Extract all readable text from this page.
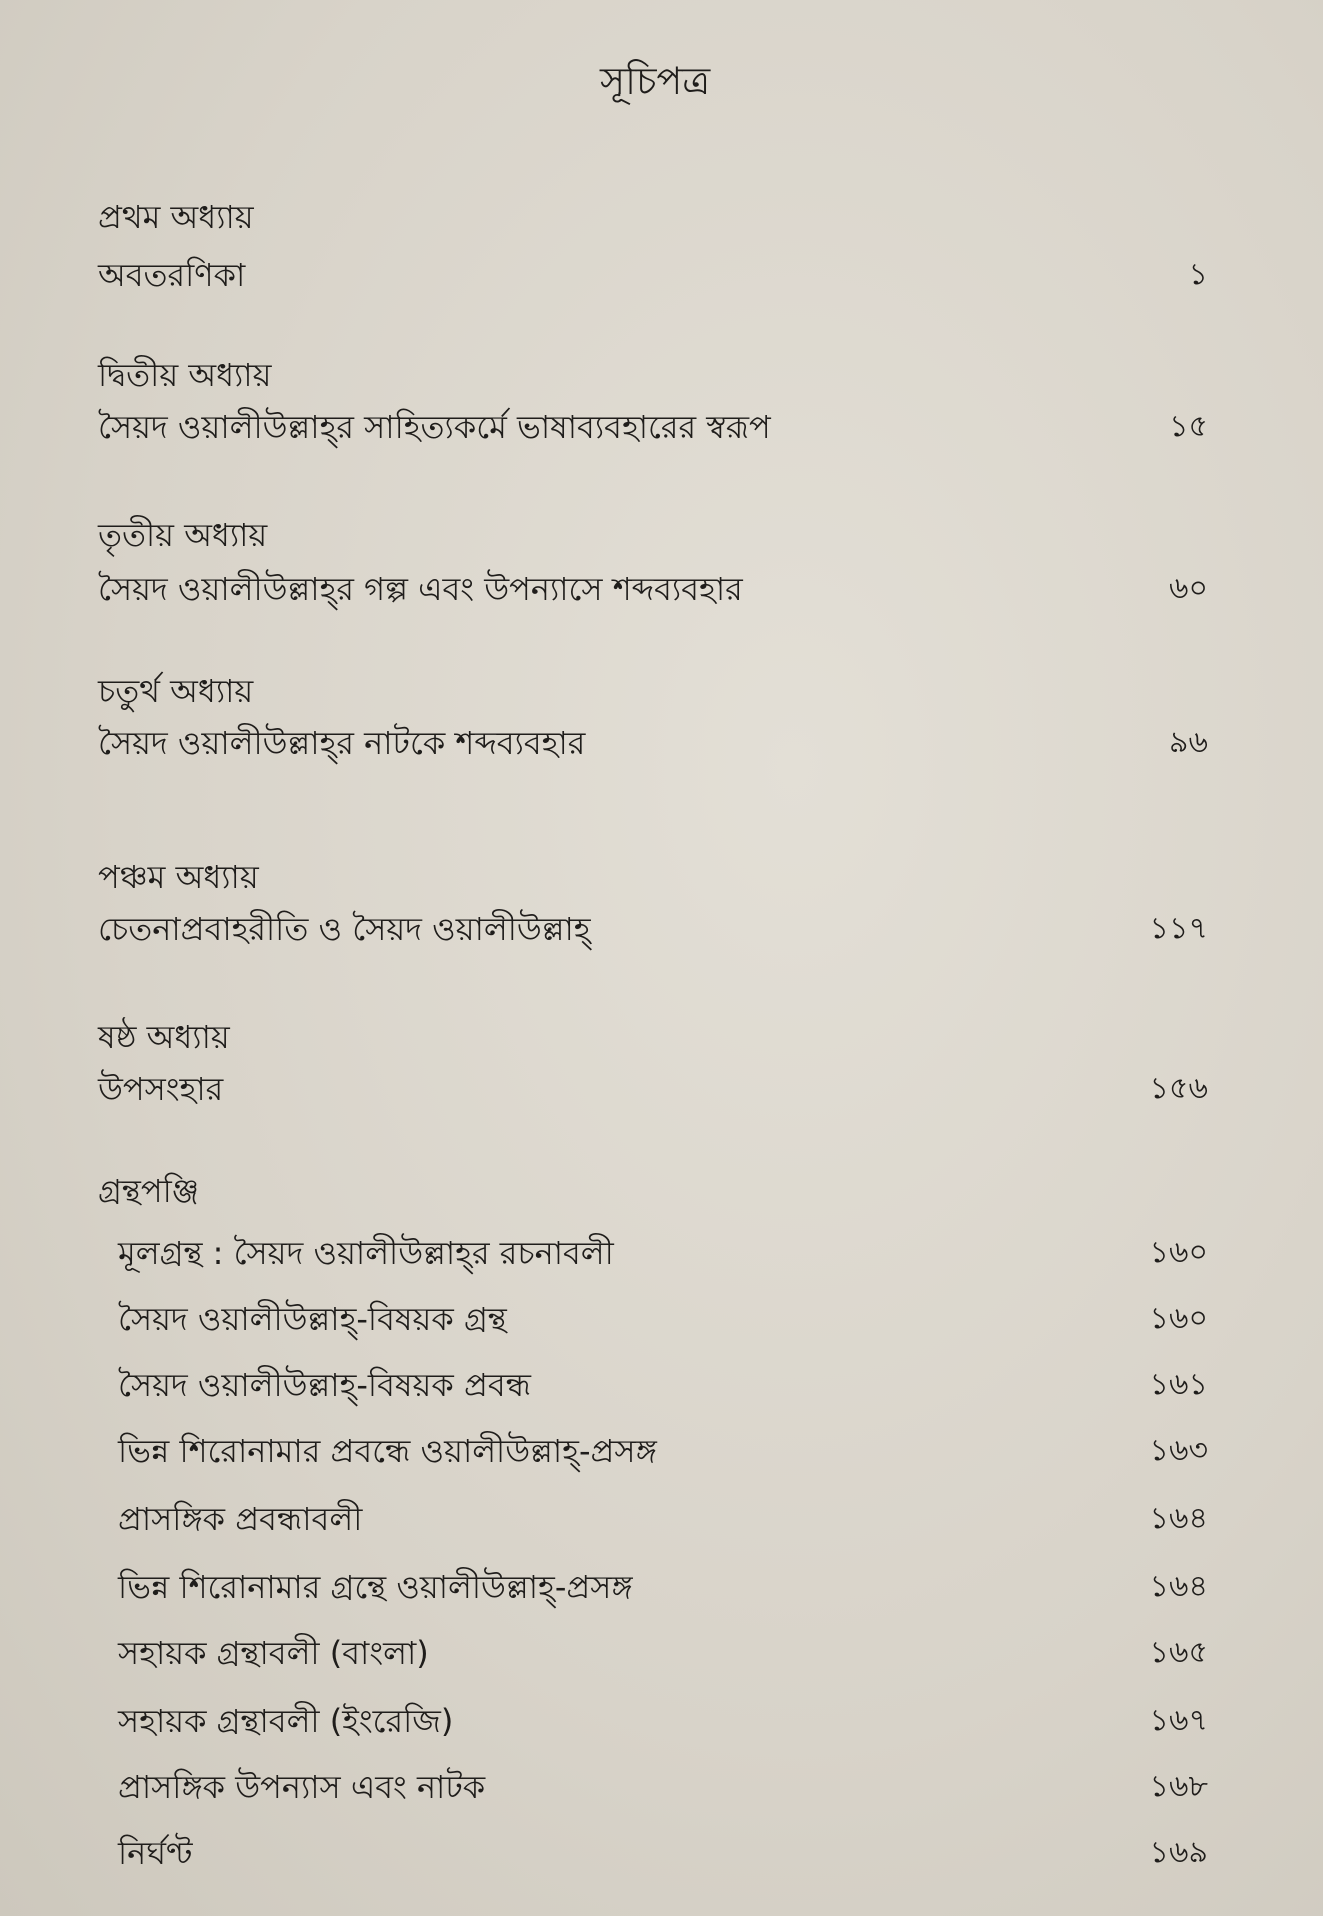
সূচিপত্র
প্রথম অধ্যায়
অবতরণিকা	১
দ্বিতীয় অধ্যায়
সৈয়দ ওয়ালীউল্লাহ্‌র সাহিত্যকর্মে ভাষাব্যবহারের স্বরূপ	১৫
তৃতীয় অধ্যায়
সৈয়দ ওয়ালীউল্লাহ্‌র গল্প এবং উপন্যাসে শব্দব্যবহার	৬০
চতুর্থ অধ্যায়
সৈয়দ ওয়ালীউল্লাহ্‌র নাটকে শব্দব্যবহার	৯৬
পঞ্চম অধ্যায়
চেতনাপ্রবাহরীতি ও সৈয়দ ওয়ালীউল্লাহ্‌	১১৭
ষষ্ঠ অধ্যায়
উপসংহার	১৫৬
গ্রন্থপঞ্জি
মূলগ্রন্থ : সৈয়দ ওয়ালীউল্লাহ্‌র রচনাবলী	১৬০
সৈয়দ ওয়ালীউল্লাহ্‌-বিষয়ক গ্রন্থ	১৬০
সৈয়দ ওয়ালীউল্লাহ্‌-বিষয়ক প্রবন্ধ	১৬১
ভিন্ন শিরোনামার প্রবন্ধে ওয়ালীউল্লাহ্‌-প্রসঙ্গ	১৬৩
প্রাসঙ্গিক প্রবন্ধাবলী	১৬৪
ভিন্ন শিরোনামার গ্রন্থে ওয়ালীউল্লাহ্‌-প্রসঙ্গ	১৬৪
সহায়ক গ্রন্থাবলী (বাংলা)	১৬৫
সহায়ক গ্রন্থাবলী (ইংরেজি)	১৬৭
প্রাসঙ্গিক উপন্যাস এবং নাটক	১৬৮
নির্ঘণ্ট	১৬৯
